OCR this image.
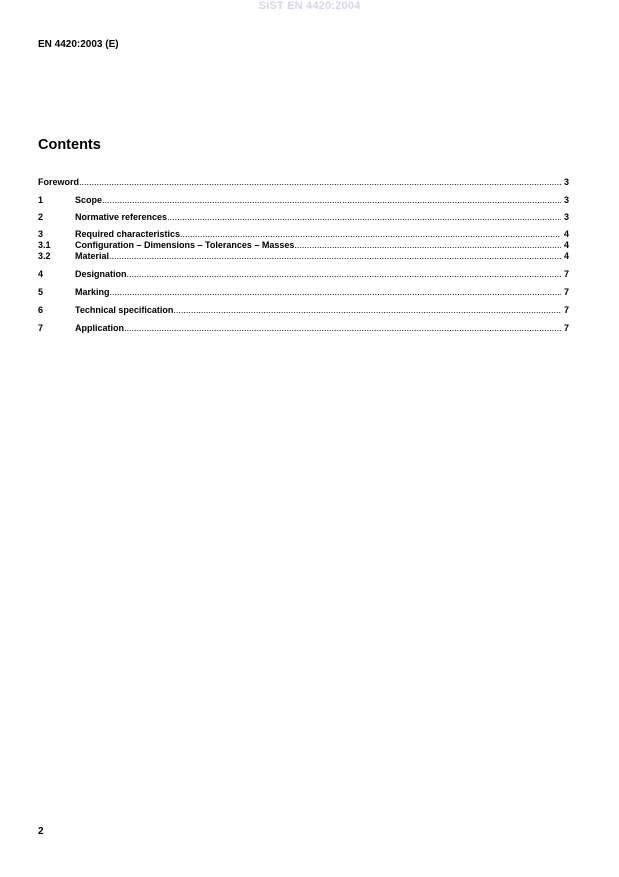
SIST EN 4420:2004
EN 4420:2003 (E)
Contents
Foreword .....	3
1	Scope .....	3
2	Normative references .....	3
3	Required characteristics .....	4
3.1	Configuration – Dimensions – Tolerances – Masses .....	4
3.2	Material .....	4
4	Designation .....	7
5	Marking .....	7
6	Technical specification .....	7
7	Application .....	7
2
